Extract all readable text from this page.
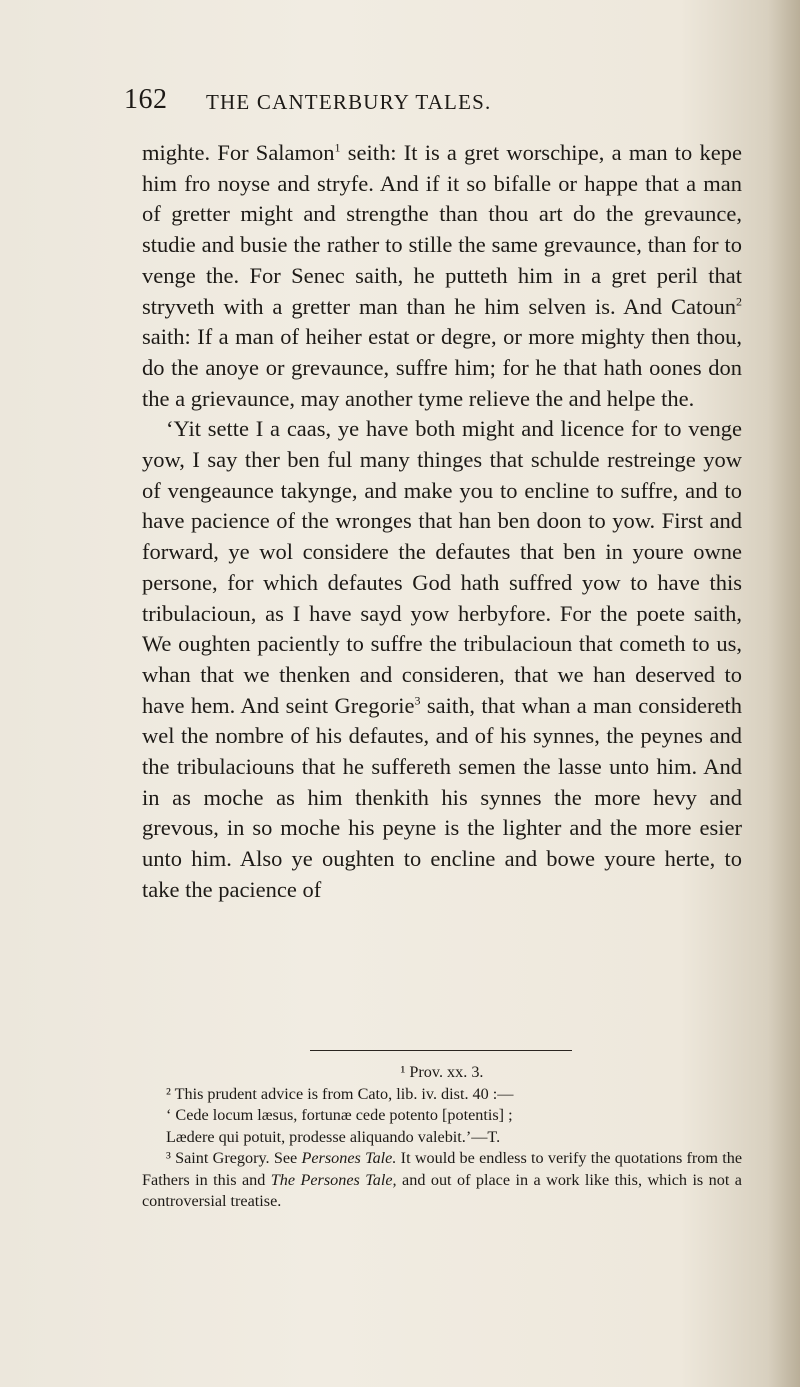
162 THE CANTERBURY TALES.

mighte. For Salamon$^1$ seith: It is a gret worschipe, a man to kepe him fro noyse and stryfe. And if it so bifalle or happe that a man of gretter might and strengthe than thou art do the grevaunce, studie and busie the rather to stille the same grevaunce, than for to venge the. For Senec saith, he putteth him in a gret peril that stryveth with a gretter man than he him selven is. And Catoun$^2$ saith: If a man of heiher estat or degre, or more mighty then thou, do the anoye or grevaunce, suffre him; for he that hath oones don the a grievaunce, may another tyme relieve the and helpe the.

‘Yit sette I a caas, ye have both might and licence for to venge yow, I say ther ben ful many thinges that schulde restreinge yow of vengeaunce takynge, and make you to encline to suffre, and to have pacience of the wronges that han ben doon to yow. First and forward, ye wol considere the defautes that ben in youre owne persone, for which defautes God hath suffred yow to have this tribulacioun, as I have sayd yow herbyfore. For the poete saith, We oughten paciently to suffre the tribulacioun that cometh to us, whan that we thenken and consideren, that we han deserved to have hem. And seint Gregorie$^3$ saith, that whan a man considereth wel the nombre of his defautes, and of his synnes, the peynes and the tribulaciouns that he suffereth semen the lasse unto him. And in as moche as him thenkith his synnes the more hevy and grevous, in so moche his peyne is the lighter and the more esier unto him. Also ye oughten to encline and bowe youre herte, to take the pacience of

¹ Prov. xx. 3.

² This prudent advice is from Cato, lib. iv. dist. 40 :—

‘ Cede locum læsus, fortunæ cede potento [potentis] ;

Lædere qui potuit, prodesse aliquando valebit.’—T.

³ Saint Gregory. See Persones Tale. It would be endless to verify the quotations from the Fathers in this and The Persones Tale, and out of place in a work like this, which is not a controversial treatise.
